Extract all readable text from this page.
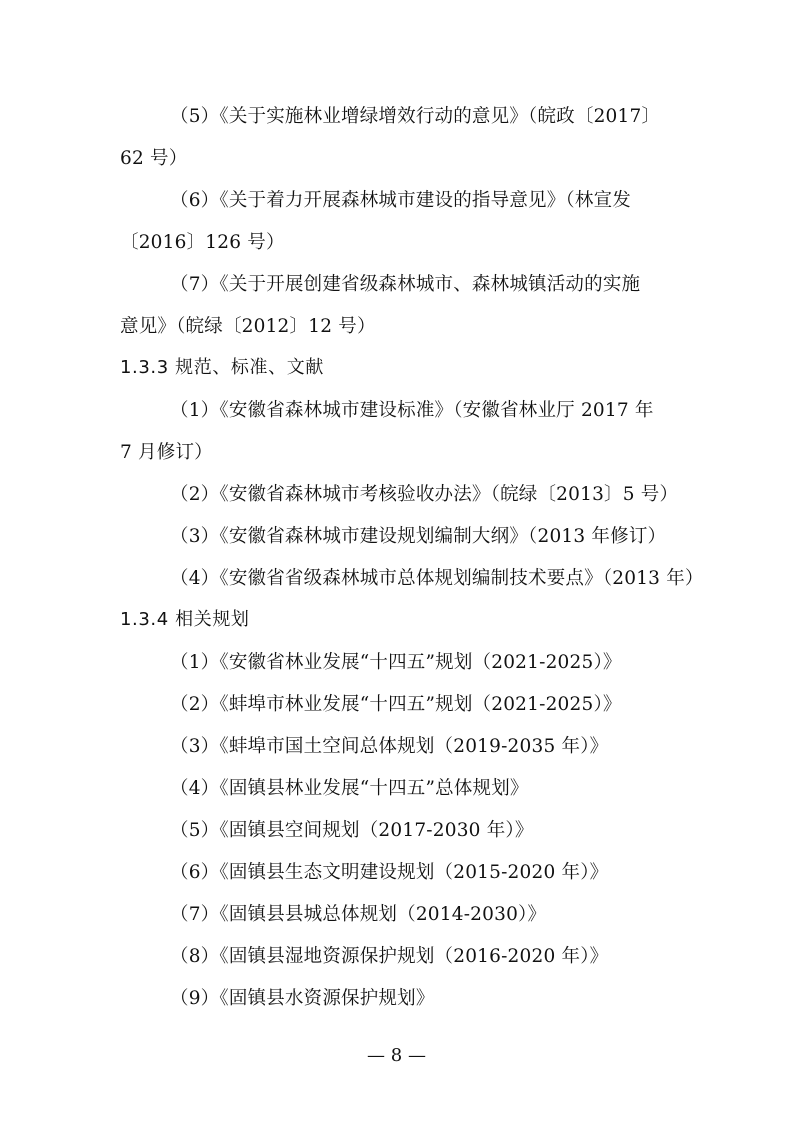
（5）《关于实施林业增绿增效行动的意见》（皖政〔2017〕
62 号）
（6）《关于着力开展森林城市建设的指导意见》（林宣发
〔2016〕126 号）
（7）《关于开展创建省级森林城市、森林城镇活动的实施
意见》（皖绿〔2012〕12 号）
1.3.3 规范、标准、文献
（1）《安徽省森林城市建设标准》（安徽省林业厅 2017 年
7 月修订）
（2）《安徽省森林城市考核验收办法》（皖绿〔2013〕5 号）
（3）《安徽省森林城市建设规划编制大纲》（2013 年修订）
（4）《安徽省省级森林城市总体规划编制技术要点》（2013 年）
1.3.4 相关规划
（1）《安徽省林业发展“十四五”规划（2021-2025）》
（2）《蚌埠市林业发展“十四五”规划（2021-2025）》
（3）《蚌埠市国土空间总体规划（2019-2035 年）》
（4）《固镇县林业发展“十四五”总体规划》
（5）《固镇县空间规划（2017-2030 年）》
（6）《固镇县生态文明建设规划（2015-2020 年）》
（7）《固镇县县城总体规划（2014-2030）》
（8）《固镇县湿地资源保护规划（2016-2020 年）》
（9）《固镇县水资源保护规划》
— 8 —
